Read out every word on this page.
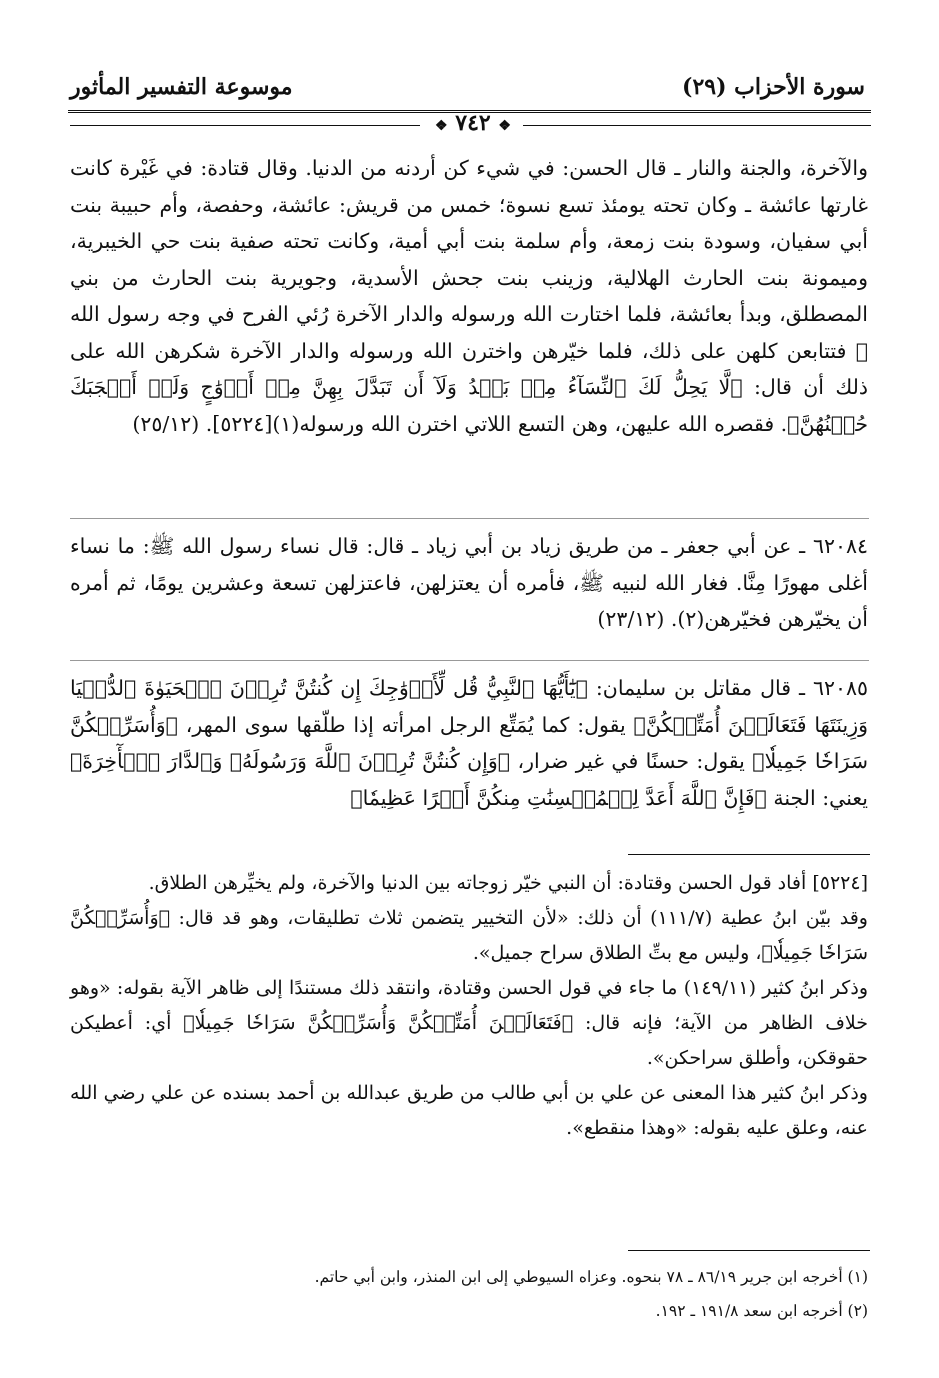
موسوعة التفسير المأثور	سورة الأحزاب (٢٩)
❖ ٧٤٢ ❖

والآخرة، والجنة والنار ـ قال الحسن: في شيء كن أردنه من الدنيا. وقال قتادة: في غَيْرة كانت غارتها عائشة ـ وكان تحته يومئذ تسع نسوة؛ خمس من قريش: عائشة، وحفصة، وأم حبيبة بنت أبي سفيان، وسودة بنت زمعة، وأم سلمة بنت أبي أمية، وكانت تحته صفية بنت حي الخيبرية، وميمونة بنت الحارث الهلالية، وزينب بنت جحش الأسدية، وجويرية بنت الحارث من بني المصطلق، وبدأ بعائشة، فلما اختارت الله ورسوله والدار الآخرة رُئي الفرح في وجه رسول الله ﷺ فتتابعن كلهن على ذلك، فلما خيّرهن واخترن الله ورسوله والدار الآخرة شكرهن الله على ذلك أن قال: ﴿لَّا يَحِلُّ لَكَ ٱلنِّسَآءُ مِنۢ بَعۡدُ وَلَآ أَن تَبَدَّلَ بِهِنَّ مِنۡ أَزۡوَٰجٍ وَلَوۡ أَعۡجَبَكَ حُسۡنُهُنَّ﴾. فقصره الله عليهن، وهن التسع اللاتي اخترن الله ورسوله(١)[٥٢٢٤]. (٢٥/١٢)

٦٢٠٨٤ ـ عن أبي جعفر ـ من طريق زياد بن أبي زياد ـ قال: قال نساء رسول الله ﷺ: ما نساء أغلى مهورًا مِنَّا. فغار الله لنبيه ﷺ، فأمره أن يعتزلهن، فاعتزلهن تسعة وعشرين يومًا، ثم أمره أن يخيّرهن فخيّرهن(٢). (٢٣/١٢)

٦٢٠٨٥ ـ قال مقاتل بن سليمان: ﴿يَٰٓأَيُّهَا ٱلنَّبِيُّ قُل لِّأَزۡوَٰجِكَ إِن كُنتُنَّ تُرِدۡنَ ٱلۡحَيَوٰةَ ٱلدُّنۡيَا وَزِينَتَهَا فَتَعَالَيۡنَ أُمَتِّعۡكُنَّ﴾ يقول: كما يُمَتِّع الرجل امرأته إذا طلّقها سوى المهر، ﴿وَأُسَرِّحۡكُنَّ سَرَاحٗا جَمِيلٗا﴾ يقول: حسنًا في غير ضرار، ﴿وَإِن كُنتُنَّ تُرِدۡنَ ٱللَّهَ وَرَسُولَهُۥ وَٱلدَّارَ ٱلۡأٓخِرَةَ﴾ يعني: الجنة ﴿فَإِنَّ ٱللَّهَ أَعَدَّ لِلۡمُحۡسِنَٰتِ مِنكُنَّ أَجۡرًا عَظِيمٗا﴾

[٥٢٢٤] أفاد قول الحسن وقتادة: أن النبي خيّر زوجاته بين الدنيا والآخرة، ولم يخيِّرهن الطلاق.

وقد بيّن ابنُ عطية (١١١/٧) أن ذلك: «لأن التخيير يتضمن ثلاث تطليقات، وهو قد قال: ﴿وَأُسَرِّحۡكُنَّ سَرَاحٗا جَمِيلٗا﴾، وليس مع بتِّ الطلاق سراح جميل».

وذكر ابنُ كثير (١٤٩/١١) ما جاء في قول الحسن وقتادة، وانتقد ذلك مستندًا إلى ظاهر الآية بقوله: «وهو خلاف الظاهر من الآية؛ فإنه قال: ﴿فَتَعَالَيۡنَ أُمَتِّعۡكُنَّ وَأُسَرِّحۡكُنَّ سَرَاحٗا جَمِيلٗا﴾ أي: أعطيكن حقوقكن، وأطلق سراحكن».

وذكر ابنُ كثير هذا المعنى عن علي بن أبي طالب من طريق عبدالله بن أحمد بسنده عن علي رضي الله عنه، وعلق عليه بقوله: «وهذا منقطع».

(١) أخرجه ابن جرير ٨٦/١٩ ـ ٧٨ بنحوه. وعزاه السيوطي إلى ابن المنذر، وابن أبي حاتم.

(٢) أخرجه ابن سعد ١٩١/٨ ـ ١٩٢.
